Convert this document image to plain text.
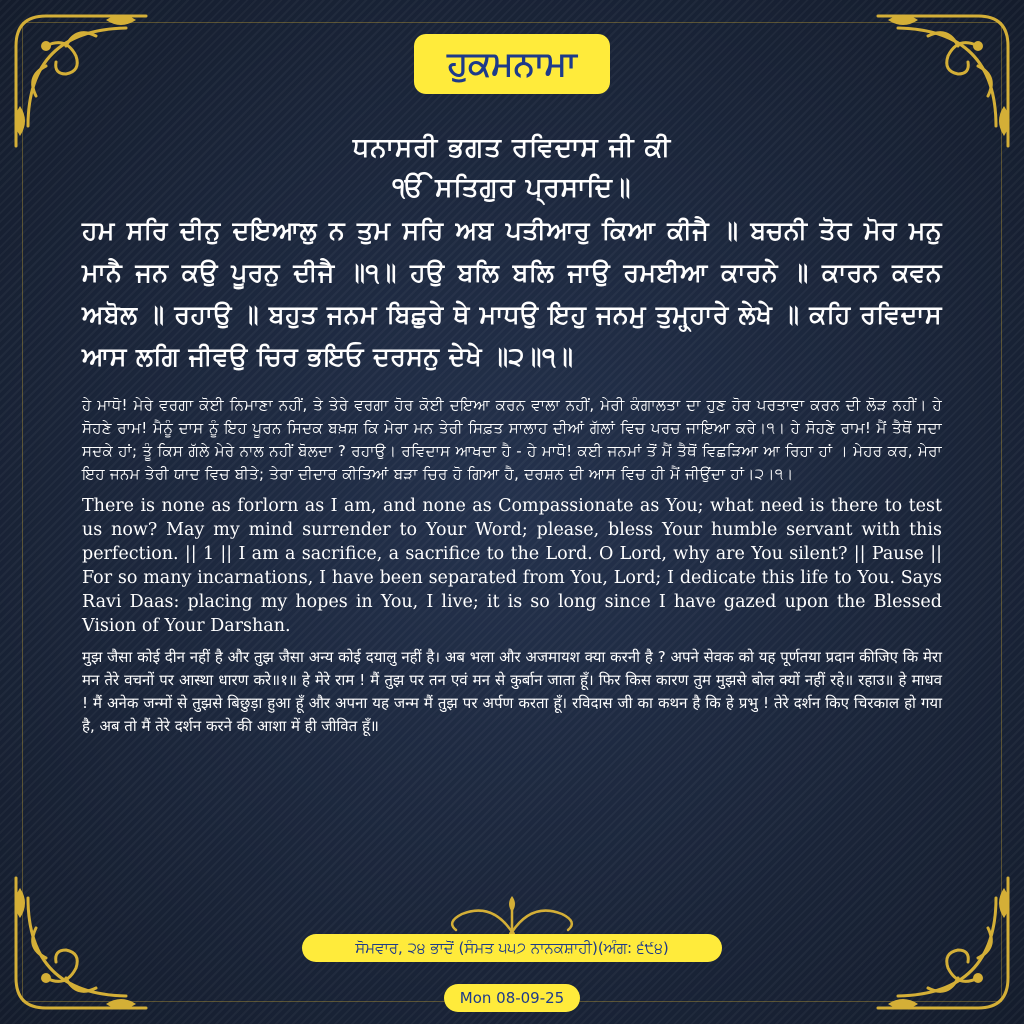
ਹੁਕਮਨਾਮਾ
ਧਨਾਸਰੀ ਭਗਤ ਰਵਿਦਾਸ ਜੀ ਕੀ
ੴ ਸਤਿਗੁਰ ਪ੍ਰਸਾਦਿ॥
ਹਮ ਸਰਿ ਦੀਨੁ ਦਇਆਲੁ ਨ ਤੁਮ ਸਰਿ ਅਬ ਪਤੀਆਰੁ ਕਿਆ ਕੀਜੈ ॥ ਬਚਨੀ ਤੋਰ ਮੋਰ ਮਨੁ ਮਾਨੈ ਜਨ ਕਉ ਪੂਰਨੁ ਦੀਜੈ ॥੧॥ ਹਉ ਬਲਿ ਬਲਿ ਜਾਉ ਰਮਈਆ ਕਾਰਨੇ ॥ ਕਾਰਨ ਕਵਨ ਅਬੋਲ ॥ ਰਹਾਉ ॥ ਬਹੁਤ ਜਨਮ ਬਿਛੁਰੇ ਥੇ ਮਾਧਉ ਇਹੁ ਜਨਮੁ ਤੁਮ੍ਹ੍ਹਾਰੇ ਲੇਖੇ ॥ ਕਹਿ ਰਵਿਦਾਸ ਆਸ ਲਗਿ ਜੀਵਉ ਚਿਰ ਭਇਓ ਦਰਸਨੁ ਦੇਖੇ ॥੨॥੧॥
ਹੇ ਮਾਧੋ! ਮੇਰੇ ਵਰਗਾ ਕੋਈ ਨਿਮਾਣਾ ਨਹੀਂ, ਤੇ ਤੇਰੇ ਵਰਗਾ ਹੋਰ ਕੋਈ ਦਇਆ ਕਰਨ ਵਾਲਾ ਨਹੀਂ, ਮੇਰੀ ਕੰਗਾਲਤਾ ਦਾ ਹੁਣ ਹੋਰ ਪਰਤਾਵਾ ਕਰਨ ਦੀ ਲੋੜ ਨਹੀਂ। ਹੇ ਸੋਹਣੇ ਰਾਮ! ਮੈਨੂੰ ਦਾਸ ਨੂੰ ਇਹ ਪੂਰਨ ਸਿਦਕ ਬਖ਼ਸ਼ ਕਿ ਮੇਰਾ ਮਨ ਤੇਰੀ ਸਿਫ਼ਤ ਸਾਲਾਹ ਦੀਆਂ ਗੱਲਾਂ ਵਿਚ ਪਰਚ ਜਾਇਆ ਕਰੇ।੧। ਹੇ ਸੋਹਣੇ ਰਾਮ! ਮੈਂ ਤੈਥੋਂ ਸਦਾ ਸਦਕੇ ਹਾਂ; ਤੂੰ ਕਿਸ ਗੱਲੇ ਮੇਰੇ ਨਾਲ ਨਹੀਂ ਬੋਲਦਾ ? ਰਹਾਉ। ਰਵਿਦਾਸ ਆਖਦਾ ਹੈ - ਹੇ ਮਾਧੋ! ਕਈ ਜਨਮਾਂ ਤੋਂ ਮੈਂ ਤੈਥੋਂ ਵਿਛੜਿਆ ਆ ਰਿਹਾ ਹਾਂ । ਮੇਹਰ ਕਰ, ਮੇਰਾ ਇਹ ਜਨਮ ਤੇਰੀ ਯਾਦ ਵਿਚ ਬੀਤੇ; ਤੇਰਾ ਦੀਦਾਰ ਕੀਤਿਆਂ ਬੜਾ ਚਿਰ ਹੋ ਗਿਆ ਹੈ, ਦਰਸ਼ਨ ਦੀ ਆਸ ਵਿਚ ਹੀ ਮੈਂ ਜੀਉਂਦਾ ਹਾਂ।੨।੧।
There is none as forlorn as I am, and none as Compassionate as You; what need is there to test us now? May my mind surrender to Your Word; please, bless Your humble servant with this perfection. || 1 || I am a sacrifice, a sacrifice to the Lord. O Lord, why are You silent? || Pause || For so many incarnations, I have been separated from You, Lord; I dedicate this life to You. Says Ravi Daas: placing my hopes in You, I live; it is so long since I have gazed upon the Blessed Vision of Your Darshan.
मुझ जैसा कोई दीन नहीं है और तुझ जैसा अन्य कोई दयालु नहीं है। अब भला और अजमायश क्या करनी है ? अपने सेवक को यह पूर्णतया प्रदान कीजिए कि मेरा मन तेरे वचनों पर आस्था धारण करे॥१॥ हे मेरे राम ! मैं तुझ पर तन एवं मन से कुर्बान जाता हूँ। फिर किस कारण तुम मुझसे बोल क्यों नहीं रहे॥ रहाउ॥ हे माधव ! मैं अनेक जन्मों से तुझसे बिछुड़ा हुआ हूँ और अपना यह जन्म मैं तुझ पर अर्पण करता हूँ। रविदास जी का कथन है कि हे प्रभु ! तेरे दर्शन किए चिरकाल हो गया है, अब तो मैं तेरे दर्शन करने की आशा में ही जीवित हूँ॥
ਸੋਮਵਾਰ, ੨੪ ਭਾਦੋਂ (ਸੰਮਤ ੫੫੭ ਨਾਨਕਸ਼ਾਹੀ)(ਅੰਗ: ੬੯੪)
Mon 08-09-25
